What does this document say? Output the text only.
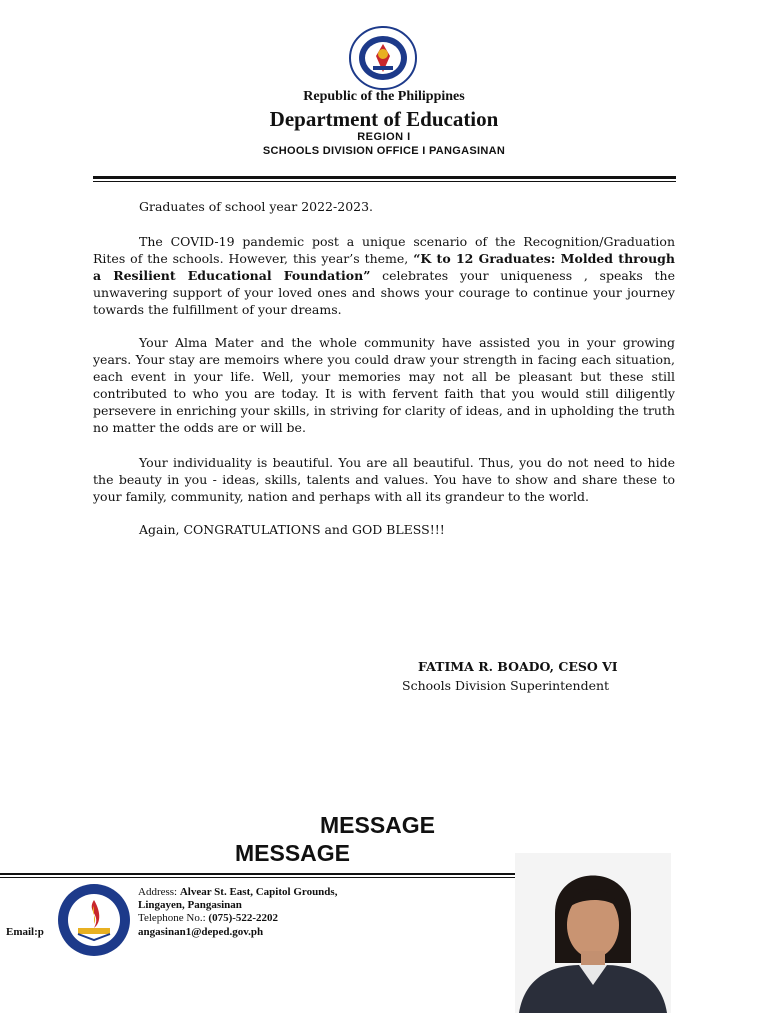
Republic of the Philippines
Department of Education
REGION I
SCHOOLS DIVISION OFFICE I PANGASINAN

Graduates of school year 2022-2023.

The COVID-19 pandemic post a unique scenario of the Recognition/Graduation Rites of the schools. However, this year’s theme, “K to 12 Graduates: Molded through a Resilient Educational Foundation” celebrates your uniqueness , speaks the unwavering support of your loved ones and shows your courage to continue your journey towards the fulfillment of your dreams.

Your Alma Mater and the whole community have assisted you in your growing years. Your stay are memoirs where you could draw your strength in facing each situation, each event in your life. Well, your memories may not all be pleasant but these still contributed to who you are today. It is with fervent faith that you would still diligently persevere in enriching your skills, in striving for clarity of ideas, and in upholding the truth no matter the odds are or will be.

Your individuality is beautiful. You are all beautiful. Thus, you do not need to hide the beauty in you - ideas, skills, talents and values. You have to show and share these to your family, community, nation and perhaps with all its grandeur to the world.

Again, CONGRATULATIONS and GOD BLESS!!!

FATIMA R. BOADO, CESO VI
Schools Division Superintendent
MESSAGE
MESSAGE
Address: Alvear St. East, Capitol Grounds, Lingayen, Pangasinan
Telephone No.: (075)-522-2202
Email:p	angasinan1@deped.gov.ph
